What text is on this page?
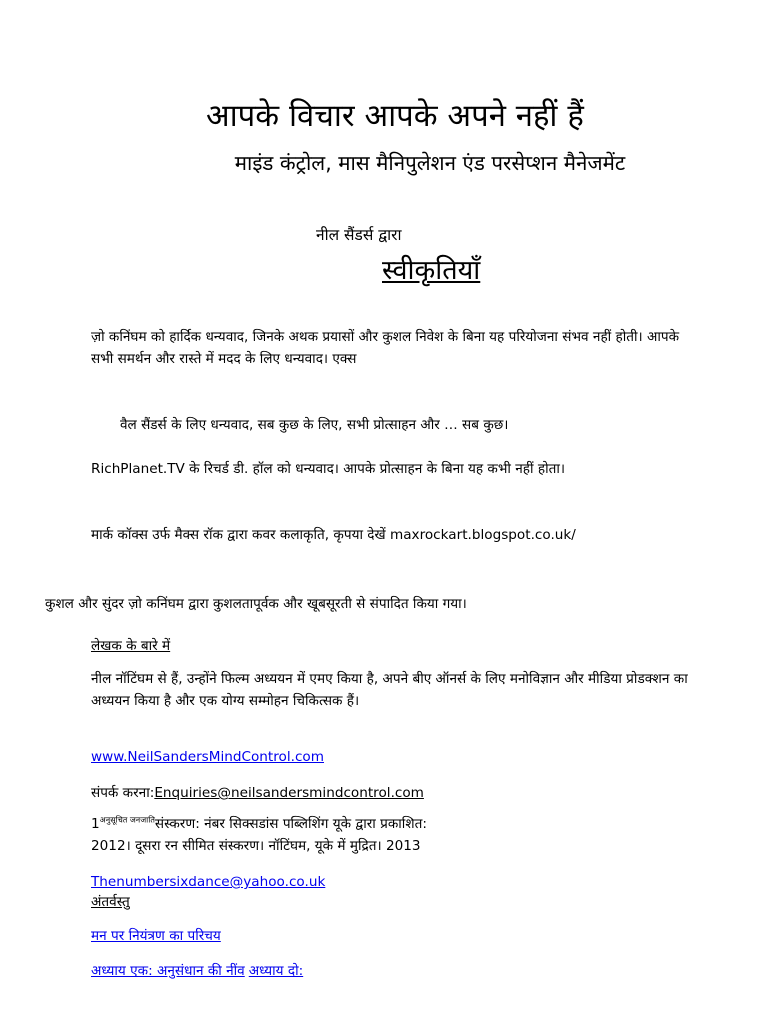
आपके विचार आपके अपने नहीं हैं
माइंड कंट्रोल, मास मैनिपुलेशन एंड परसेप्शन मैनेजमेंट
नील सैंडर्स द्वारा
स्वीकृतियाँ

ज़ो कनिंघम को हार्दिक धन्यवाद, जिनके अथक प्रयासों और कुशल निवेश के बिना यह परियोजना संभव नहीं होती। आपके सभी समर्थन और रास्ते में मदद के लिए धन्यवाद। एक्स

वैल सैंडर्स के लिए धन्यवाद, सब कुछ के लिए, सभी प्रोत्साहन और … सब कुछ।

RichPlanet.TV के रिचर्ड डी. हॉल को धन्यवाद। आपके प्रोत्साहन के बिना यह कभी नहीं होता।

मार्क कॉक्स उर्फ मैक्स रॉक द्वारा कवर कलाकृति, कृपया देखें maxrockart.blogspot.co.uk/

कुशल और सुंदर ज़ो कनिंघम द्वारा कुशलतापूर्वक और खूबसूरती से संपादित किया गया।

लेखक के बारे में

नील नॉटिंघम से हैं, उन्होंने फिल्म अध्ययन में एमए किया है, अपने बीए ऑनर्स के लिए मनोविज्ञान और मीडिया प्रोडक्शन का अध्ययन किया है और एक योग्य सम्मोहन चिकित्सक हैं।

www.NeilSandersMindControl.com
संपर्क करना:Enquiries@neilsandersmindcontrol.com
1$^{अनुसूचित जनजाति}$संस्करण: नंबर सिक्सडांस पब्लिशिंग यूके द्वारा प्रकाशित:
2012। दूसरा रन सीमित संस्करण। नॉटिंघम, यूके में मुद्रित। 2013
Thenumbersixdance@yahoo.co.uk
अंतर्वस्तु
मन पर नियंत्रण का परिचय
अध्याय एक: अनुसंधान की नींव अध्याय दो:
